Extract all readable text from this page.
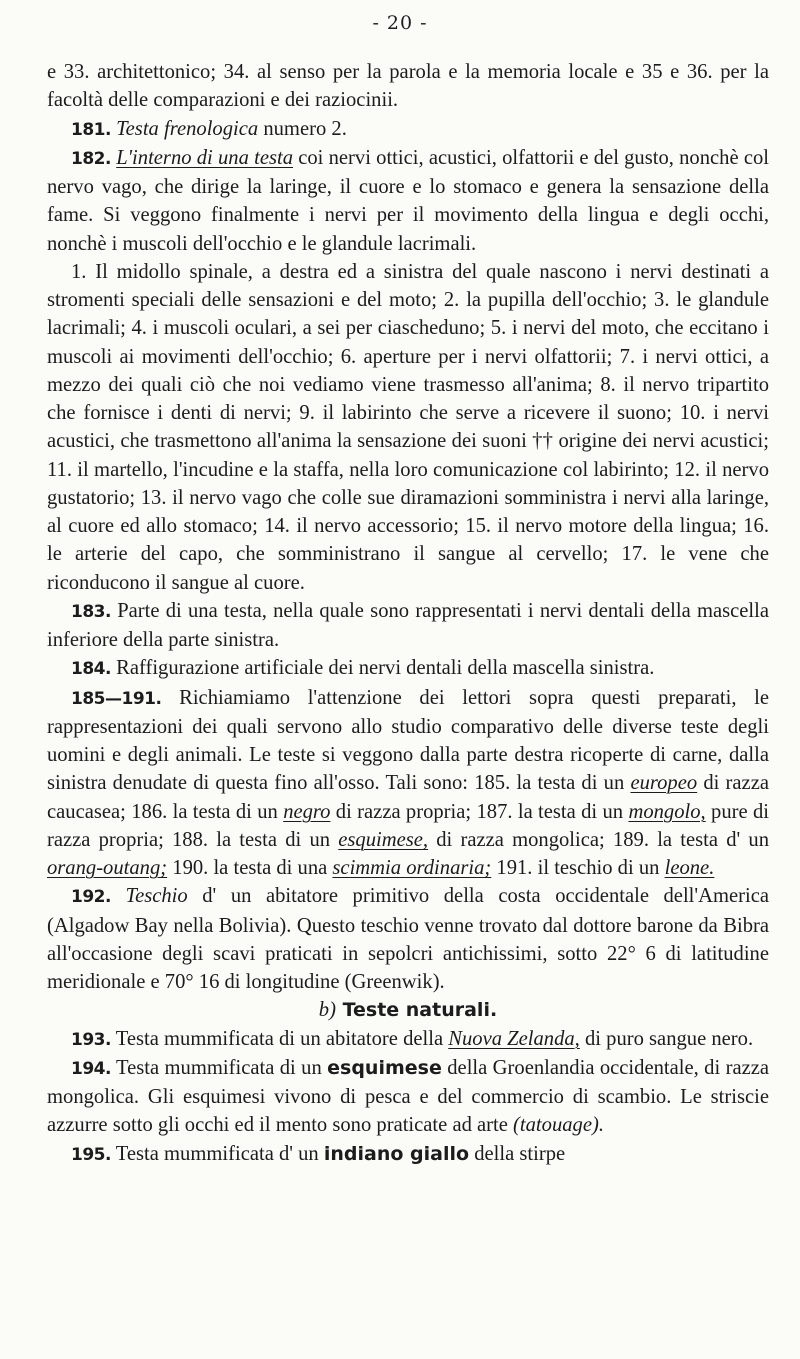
- 20 -

e 33. architettonico; 34. al senso per la parola e la memoria locale e 35 e 36. per la facoltà delle comparazioni e dei raziocinii.

181. Testa frenologica numero 2.

182. L'interno di una testa coi nervi ottici, acustici, olfattorii e del gusto, nonchè col nervo vago, che dirige la laringe, il cuore e lo stomaco e genera la sensazione della fame. Si veggono finalmente i nervi per il movimento della lingua e degli occhi, nonchè i muscoli dell'occhio e le glandule lacrimali.

1. Il midollo spinale, a destra ed a sinistra del quale nascono i nervi destinati a stromenti speciali delle sensazioni e del moto; 2. la pupilla dell'occhio; 3. le glandule lacrimali; 4. i muscoli oculari, a sei per ciascheduno; 5. i nervi del moto, che eccitano i muscoli ai movimenti dell'occhio; 6. aperture per i nervi olfattorii; 7. i nervi ottici, a mezzo dei quali ciò che noi vediamo viene trasmesso all'anima; 8. il nervo tripartito che fornisce i denti di nervi; 9. il labirinto che serve a ricevere il suono; 10. i nervi acustici, che trasmettono all'anima la sensazione dei suoni †† origine dei nervi acustici; 11. il martello, l'incudine e la staffa, nella loro comunicazione col labirinto; 12. il nervo gustatorio; 13. il nervo vago che colle sue diramazioni somministra i nervi alla laringe, al cuore ed allo stomaco; 14. il nervo accessorio; 15. il nervo motore della lingua; 16. le arterie del capo, che somministrano il sangue al cervello; 17. le vene che riconducono il sangue al cuore.

183. Parte di una testa, nella quale sono rappresentati i nervi dentali della mascella inferiore della parte sinistra.

184. Raffigurazione artificiale dei nervi dentali della mascella sinistra.

185—191. Richiamiamo l'attenzione dei lettori sopra questi preparati, le rappresentazioni dei quali servono allo studio comparativo delle diverse teste degli uomini e degli animali. Le teste si veggono dalla parte destra ricoperte di carne, dalla sinistra denudate di questa fino all'osso. Tali sono: 185. la testa di un europeo di razza caucasea; 186. la testa di un negro di razza propria; 187. la testa di un mongolo, pure di razza propria; 188. la testa di un esquimese, di razza mongolica; 189. la testa d' un orang-outang; 190. la testa di una scimmia ordinaria; 191. il teschio di un leone.

192. Teschio d' un abitatore primitivo della costa occidentale dell'America (Algadow Bay nella Bolivia). Questo teschio venne trovato dal dottore barone da Bibra all'occasione degli scavi praticati in sepolcri antichissimi, sotto 22° 6 di latitudine meridionale e 70° 16 di longitudine (Greenwik).

b) Teste naturali.

193. Testa mummificata di un abitatore della Nuova Zelanda, di puro sangue nero.

194. Testa mummificata di un esquimese della Groenlandia occidentale, di razza mongolica. Gli esquimesi vivono di pesca e del commercio di scambio. Le striscie azzurre sotto gli occhi ed il mento sono praticate ad arte (tatouage).

195. Testa mummificata d' un indiano giallo della stirpe
